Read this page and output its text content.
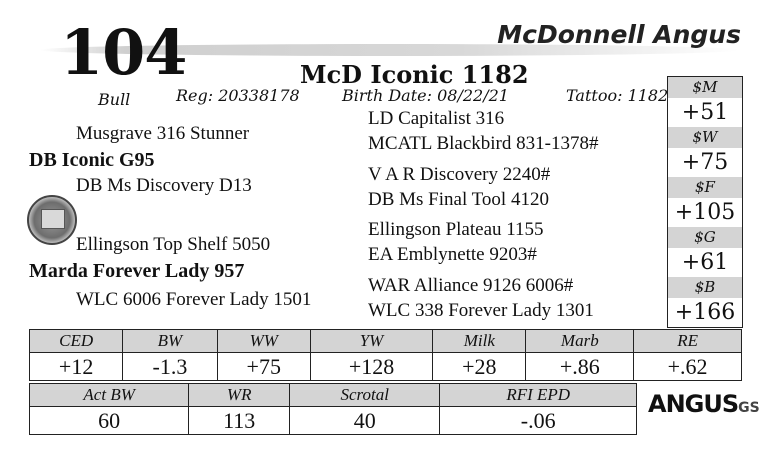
104	McDonnell Angus
McD Iconic 1182
Bull	Reg: 20338178	Birth Date: 08/22/21	Tattoo: 1182
Musgrave 316 Stunner
DB Iconic G95
DB Ms Discovery D13
Ellingson Top Shelf 5050
Marda Forever Lady 957
WLC 6006 Forever Lady 1501
LD Capitalist 316
MCATL Blackbird 831-1378#
V A R Discovery 2240#
DB Ms Final Tool 4120
Ellingson Plateau 1155
EA Emblynette 9203#
WAR Alliance 9126 6006#
WLC 338 Forever Lady 1301
$M
+51
$W
+75
$F
+105
$G
+61
$B
+166
CED	BW	WW	YW	Milk	Marb	RE
+12	-1.3	+75	+128	+28	+.86	+.62
Act BW	WR	Scrotal	RFI EPD
60	113	40	-.06
ANGUSGS
